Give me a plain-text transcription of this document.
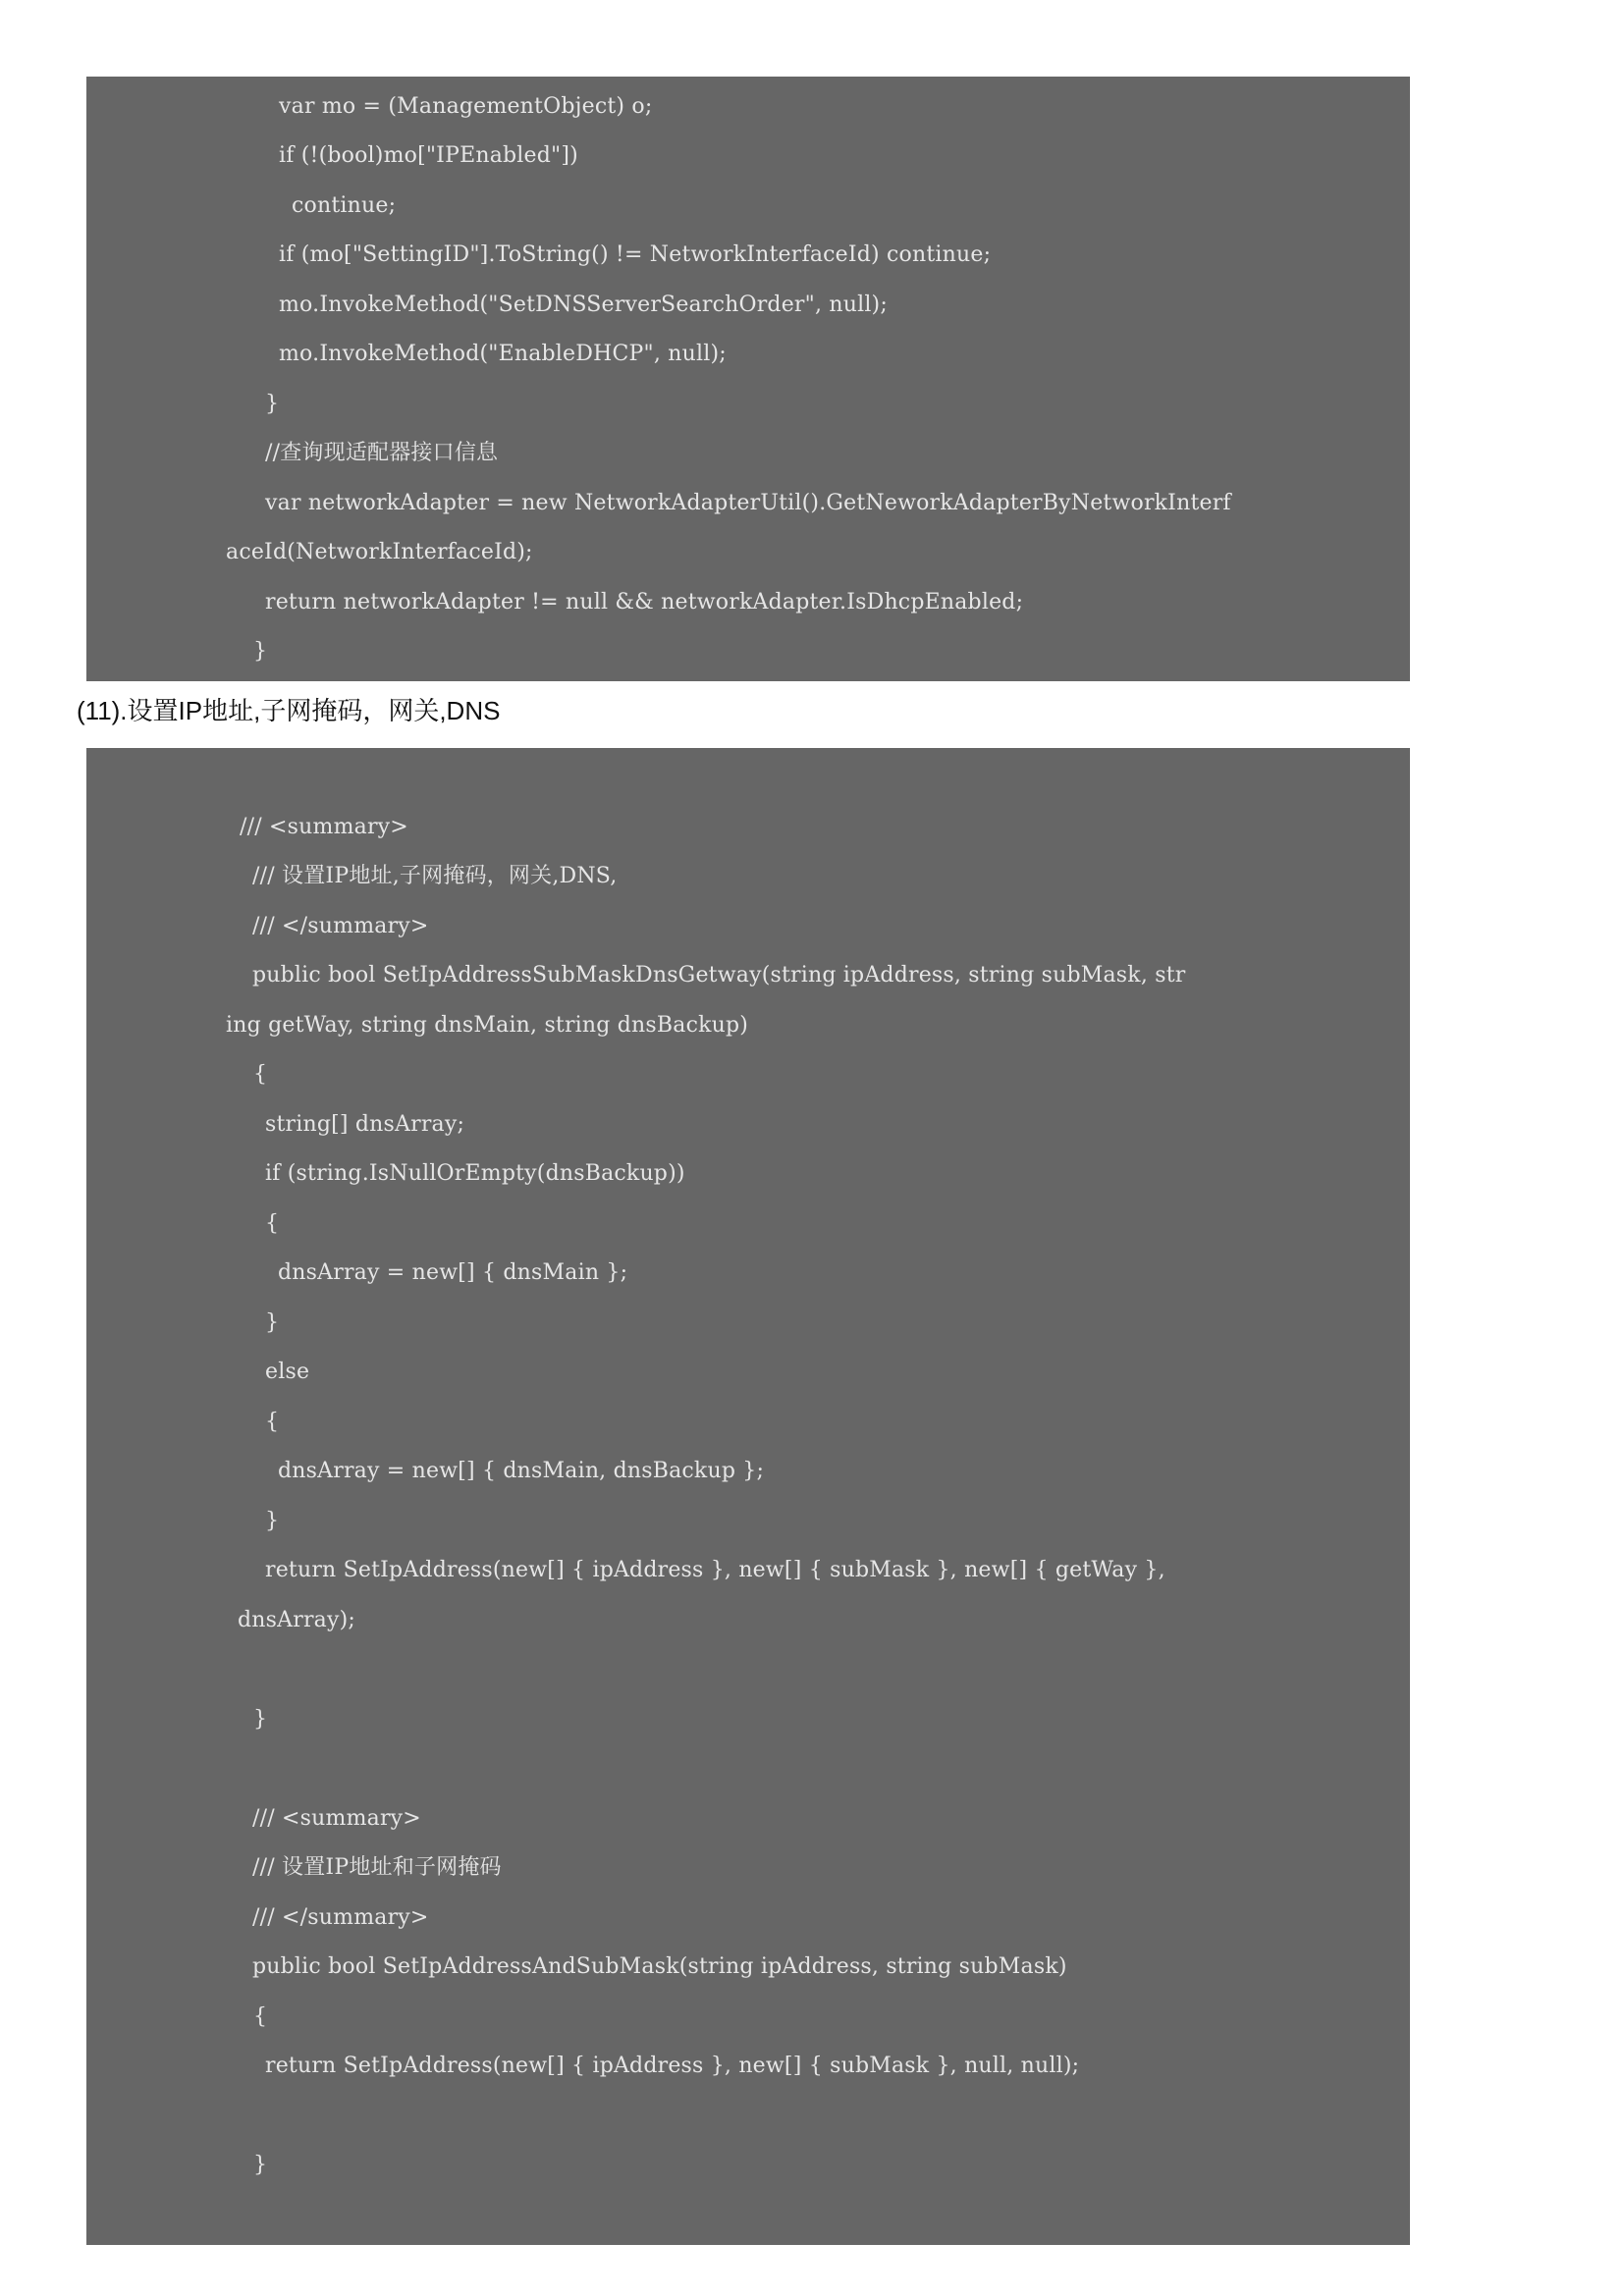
var mo = (ManagementObject) o;
if (!(bool)mo["IPEnabled"])
continue;
if (mo["SettingID"].ToString() != NetworkInterfaceId) continue;
mo.InvokeMethod("SetDNSServerSearchOrder", null);
mo.InvokeMethod("EnableDHCP", null);
}
//查询现适配器接口信息
var networkAdapter = new NetworkAdapterUtil().GetNeworkAdapterByNetworkInterf
aceId(NetworkInterfaceId);
return networkAdapter != null && networkAdapter.IsDhcpEnabled;
}
(11).设置IP地址,子网掩码，网关,DNS
/// <summary>
/// 设置IP地址,子网掩码，网关,DNS,
/// </summary>
public bool SetIpAddressSubMaskDnsGetway(string ipAddress, string subMask, str
ing getWay, string dnsMain, string dnsBackup)
{
string[] dnsArray;
if (string.IsNullOrEmpty(dnsBackup))
{
dnsArray = new[] { dnsMain };
}
else
{
dnsArray = new[] { dnsMain, dnsBackup };
}
return SetIpAddress(new[] { ipAddress }, new[] { subMask }, new[] { getWay },
dnsArray);
}
/// <summary>
/// 设置IP地址和子网掩码
/// </summary>
public bool SetIpAddressAndSubMask(string ipAddress, string subMask)
{
return SetIpAddress(new[] { ipAddress }, new[] { subMask }, null, null);
}
